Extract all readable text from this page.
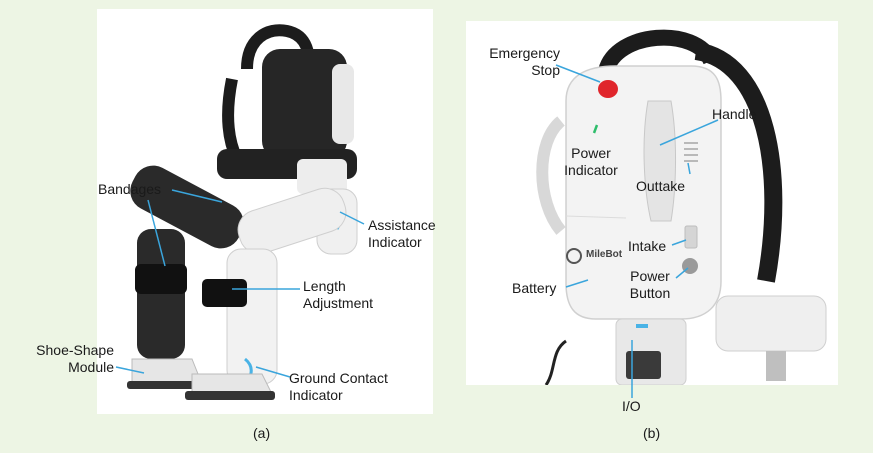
MileBot
Bandages
Assistance
Indicator
Length
Adjustment
Shoe-Shape
Module
Ground Contact
Indicator
(a)
Emergency
Stop
Handle
Power
Indicator
Outtake
Intake
Power
Button
Battery
I/O
(b)
